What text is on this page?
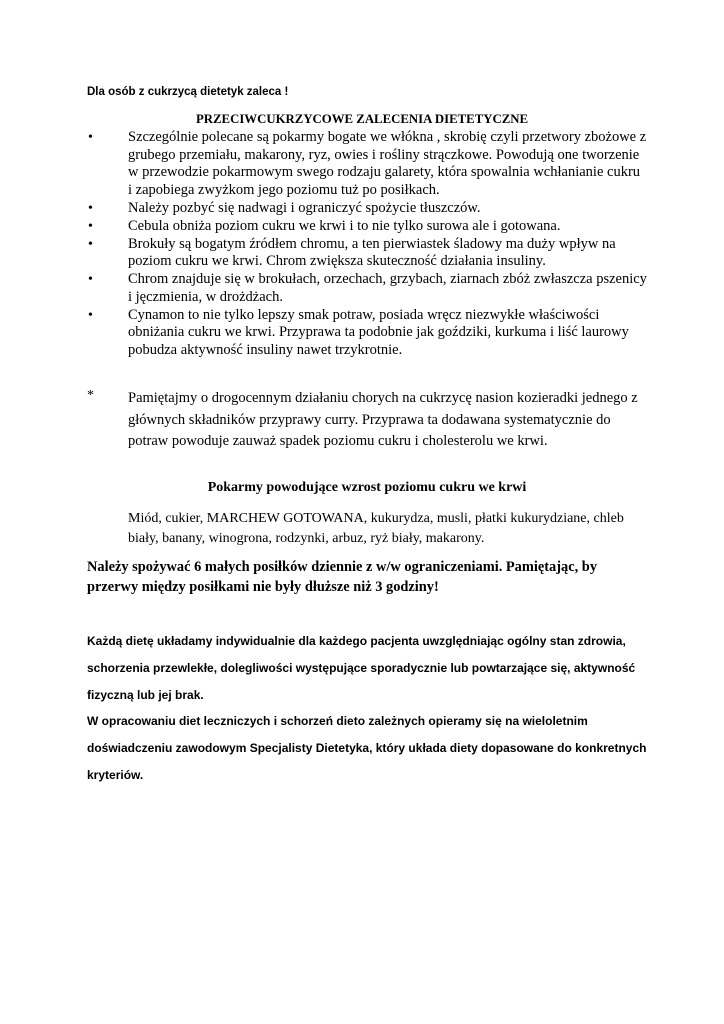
Dla osób z cukrzycą dietetyk zaleca !

PRZECIWCUKRZYCOWE ZALECENIA DIETETYCZNE
• Szczególnie polecane są pokarmy bogate we włókna , skrobię czyli przetwory zbożowe z grubego przemiału, makarony, ryz, owies i rośliny strączkowe. Powodują one tworzenie w przewodzie pokarmowym swego rodzaju galarety, która spowalnia wchłanianie cukru i zapobiega zwyżkom jego poziomu tuż po posiłkach.
• Należy pozbyć się nadwagi i ograniczyć spożycie tłuszczów.
• Cebula obniża poziom cukru we krwi i to nie tylko surowa ale i gotowana.
• Brokuły są bogatym źródłem chromu, a ten pierwiastek śladowy ma duży wpływ na poziom cukru we krwi. Chrom zwiększa skuteczność działania insuliny.
• Chrom znajduje się w brokułach, orzechach, grzybach, ziarnach zbóż zwłaszcza pszenicy i jęczmienia, w drożdżach.
• Cynamon to nie tylko lepszy smak potraw, posiada wręcz niezwykłe właściwości obniżania cukru we krwi. Przyprawa ta podobnie jak goździki, kurkuma i liść laurowy pobudza aktywność insuliny nawet trzykrotnie.
* Pamiętajmy o drogocennym działaniu chorych na cukrzycę nasion kozieradki jednego z głównych składników przyprawy curry. Przyprawa ta dodawana systematycznie do potraw powoduje zauważ spadek poziomu cukru i cholesterolu we krwi.

Pokarmy powodujące wzrost poziomu cukru we krwi

Miód, cukier, MARCHEW GOTOWANA, kukurydza, musli, płatki kukurydziane, chleb biały, banany, winogrona, rodzynki, arbuz, ryż biały, makarony.

Należy spożywać 6 małych posiłków dziennie z w/w ograniczeniami. Pamiętając, by przerwy między posiłkami nie były dłuższe niż 3 godziny!

Każdą dietę układamy indywidualnie dla każdego pacjenta uwzględniając ogólny stan zdrowia, schorzenia przewlekłe, dolegliwości występujące sporadycznie lub powtarzające się, aktywność fizyczną lub jej brak.
W opracowaniu diet leczniczych i schorzeń dieto zależnych opieramy się na wieloletnim doświadczeniu zawodowym Specjalisty Dietetyka, który układa diety dopasowane do konkretnych kryteriów.
